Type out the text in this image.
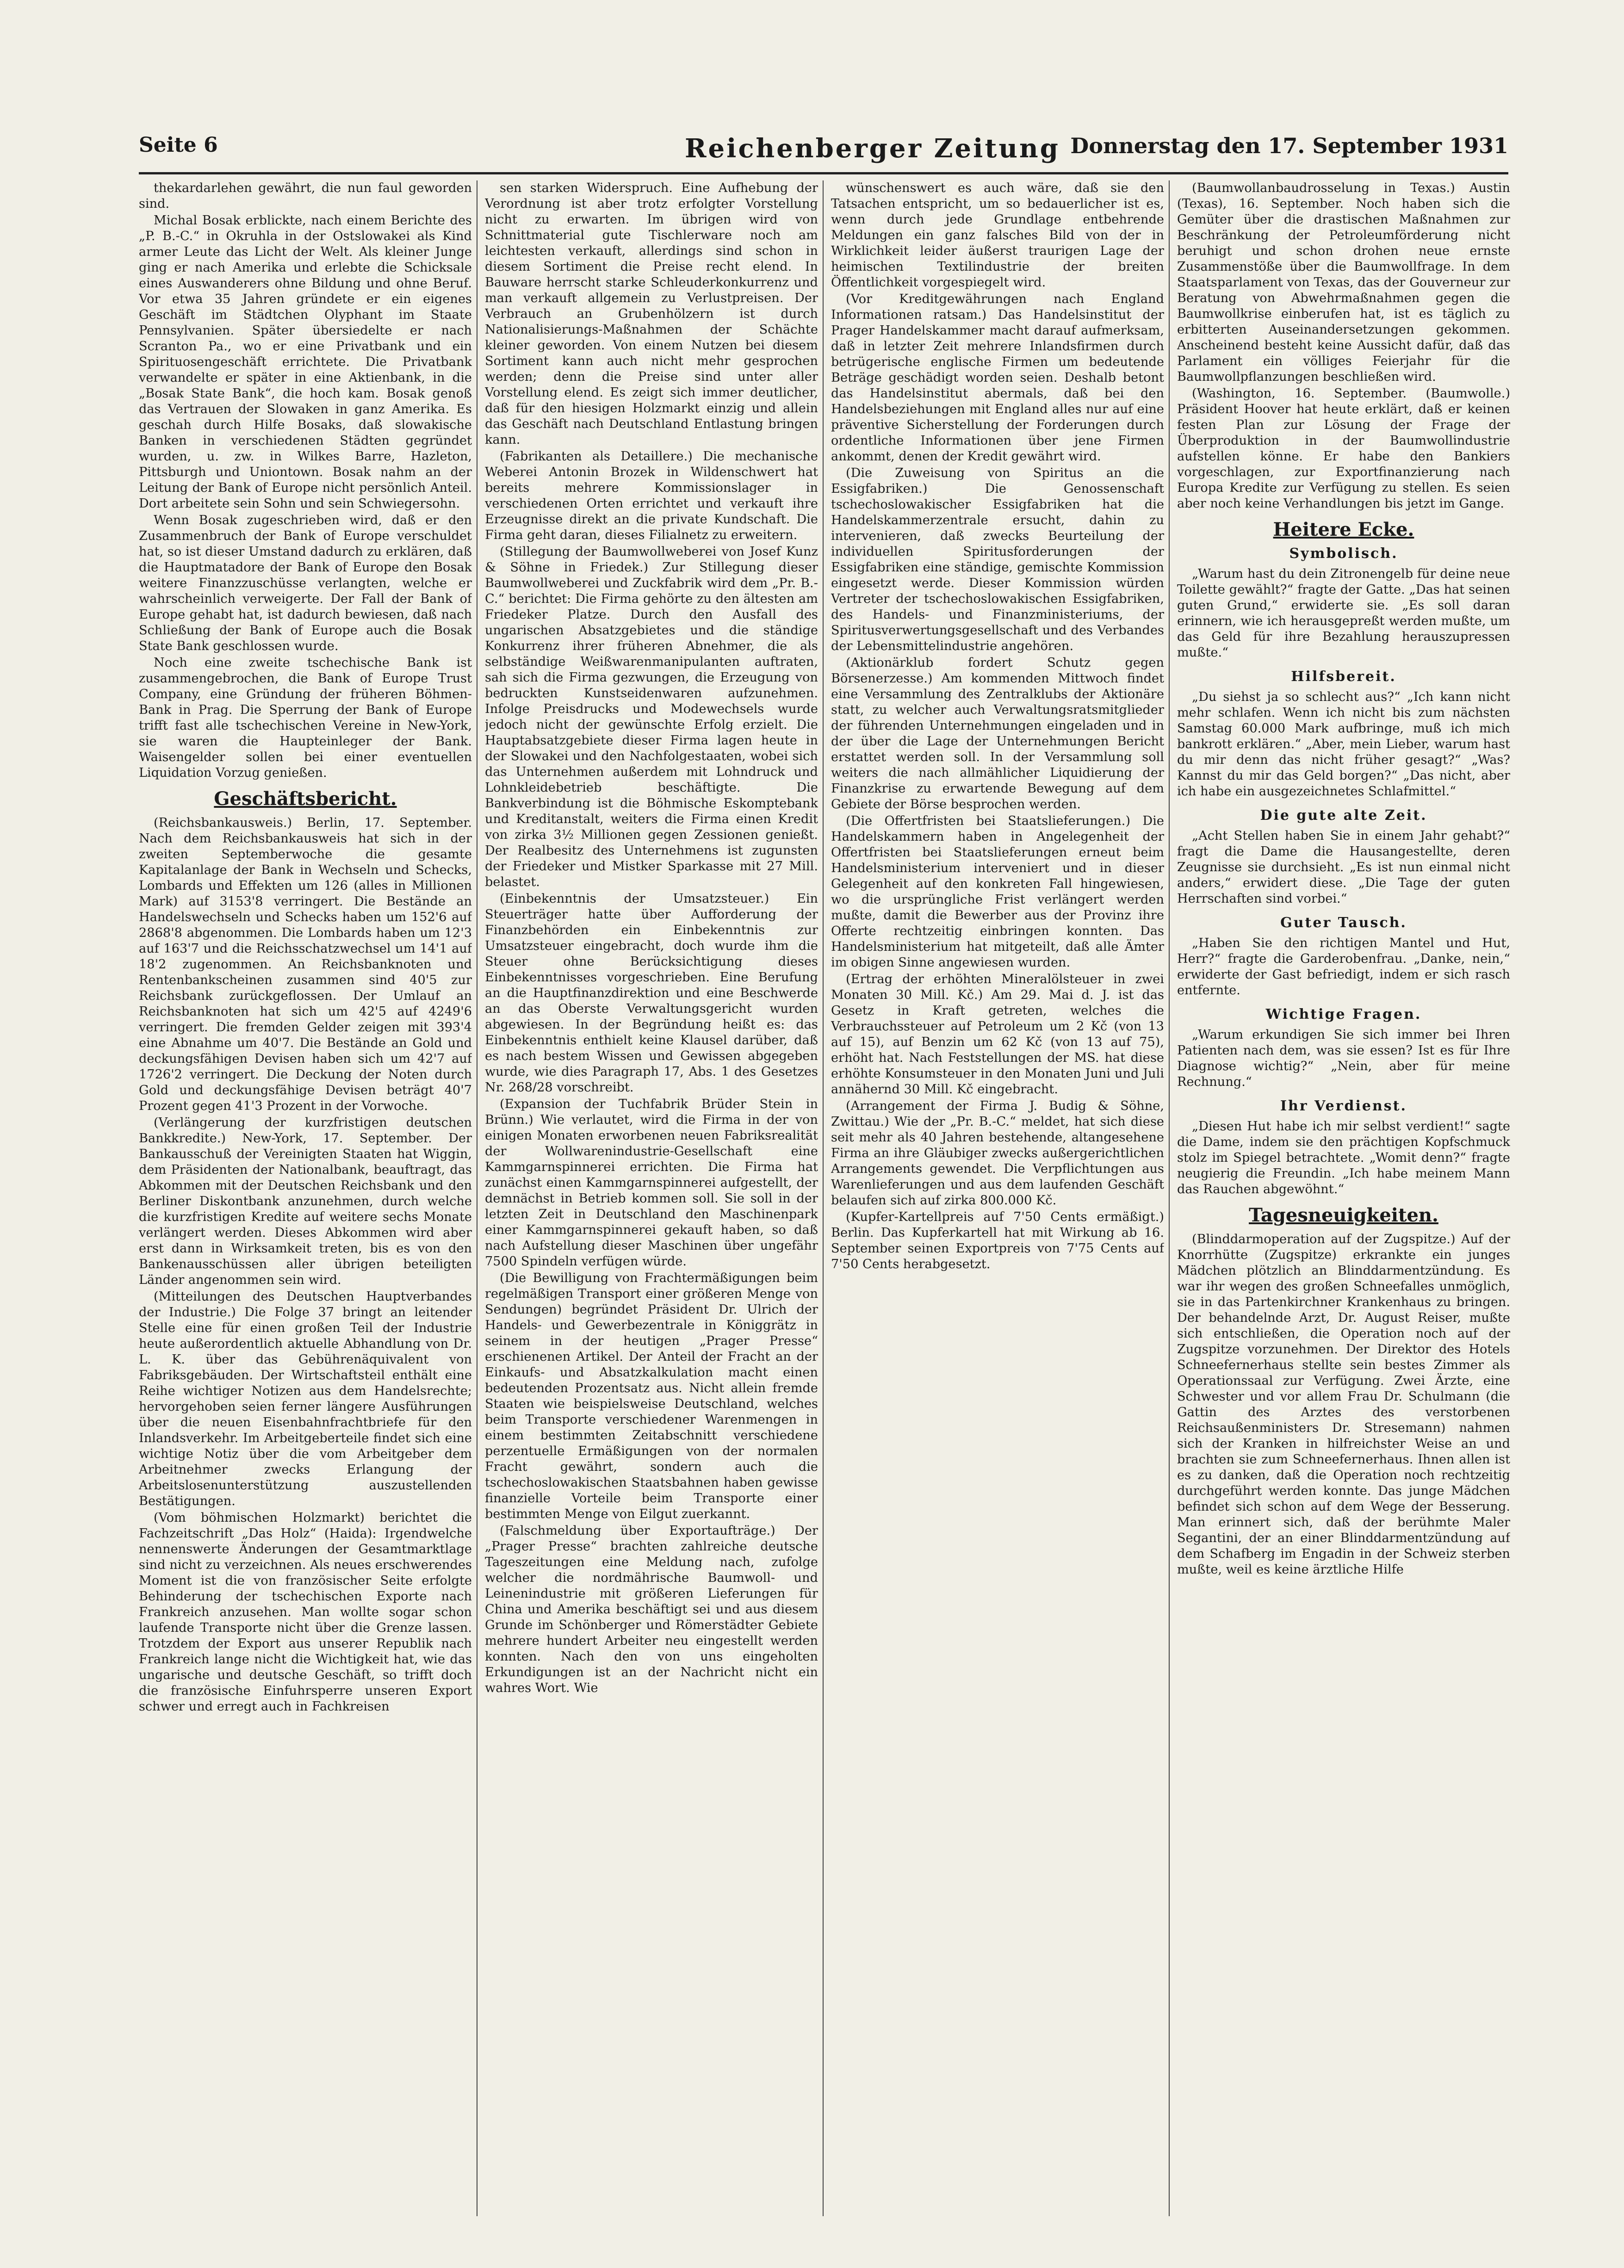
Seite 6	Reichenberger Zeitung Donnerstag den 17. September 1931

thekardarlehen gewährt, die nun faul geworden sind.

Michal Bosak erblickte, nach einem Berichte des „P. B.-C.“ in Okruhla in der Ostslowakei als Kind armer Leute das Licht der Welt. Als kleiner Junge ging er nach Amerika und erlebte die Schicksale eines Auswanderers ohne Bildung und ohne Beruf. Vor etwa 35 Jahren gründete er ein eigenes Geschäft im Städtchen Olyphant im Staate Pennsylvanien. Später übersiedelte er nach Scranton Pa., wo er eine Privatbank und ein Spirituosengeschäft errichtete. Die Privatbank verwandelte er später in eine Aktienbank, in die „Bosak State Bank“, die hoch kam. Bosak genoß das Vertrauen der Slowaken in ganz Amerika. Es geschah durch Hilfe Bosaks, daß slowakische Banken in verschiedenen Städten gegründet wurden, u. zw. in Wilkes Barre, Hazleton, Pittsburgh und Uniontown. Bosak nahm an der Leitung der Bank of Europe nicht persönlich Anteil. Dort arbeitete sein Sohn und sein Schwiegersohn.

Wenn Bosak zugeschrieben wird, daß er den Zusammenbruch der Bank of Europe verschuldet hat, so ist dieser Umstand dadurch zu erklären, daß die Hauptmatadore der Bank of Europe den Bosak weitere Finanzzuschüsse verlangten, welche er wahrscheinlich verweigerte. Der Fall der Bank of Europe gehabt hat, ist dadurch bewiesen, daß nach Schließung der Bank of Europe auch die Bosak State Bank geschlossen wurde.

Noch eine zweite tschechische Bank ist zusammengebrochen, die Bank of Europe Trust Company, eine Gründung der früheren Böhmen-Bank in Prag. Die Sperrung der Bank of Europe trifft fast alle tschechischen Vereine in New-York, sie waren die Haupteinleger der Bank. Waisengelder sollen bei einer eventuellen Liquidation Vorzug genießen.

Geschäftsbericht.

(Reichsbankausweis.) Berlin, 17. September. Nach dem Reichsbankausweis hat sich in der zweiten Septemberwoche die gesamte Kapitalanlage der Bank in Wechseln und Schecks, Lombards und Effekten um 126 (alles in Millionen Mark) auf 3153'8 verringert. Die Bestände an Handelswechseln und Schecks haben um 152'6 auf 2868'8 abgenommen. Die Lombards haben um 12'3 auf 163'7 und die Reichsschatzwechsel um 14'1 auf 18'2 zugenommen. An Reichsbanknoten und Rentenbankscheinen zusammen sind 40'5 zur Reichsbank zurückgeflossen. Der Umlauf an Reichsbanknoten hat sich um 42'5 auf 4249'6 verringert. Die fremden Gelder zeigen mit 393'4 eine Abnahme um 40'7. Die Bestände an Gold und deckungsfähigen Devisen haben sich um 42'7 auf 1726'2 verringert. Die Deckung der Noten durch Gold und deckungsfähige Devisen beträgt 40'7 Prozent gegen 41'3 Prozent in der Vorwoche.

(Verlängerung der kurzfristigen deutschen Bankkredite.) New-York, 17. September. Der Bankausschuß der Vereinigten Staaten hat Wiggin, dem Präsidenten der Nationalbank, beauftragt, das Abkommen mit der Deutschen Reichsbank und den Berliner Diskontbank anzunehmen, durch welche die kurzfristigen Kredite auf weitere sechs Monate verlängert werden. Dieses Abkommen wird aber erst dann in Wirksamkeit treten, bis es von den Bankenausschüssen aller übrigen beteiligten Länder angenommen sein wird.

(Mitteilungen des Deutschen Hauptverbandes der Industrie.) Die Folge 37 bringt an leitender Stelle eine für einen großen Teil der Industrie heute außerordentlich aktuelle Abhandlung von Dr. L. K. über das Gebührenäquivalent von Fabriksgebäuden. Der Wirtschaftsteil enthält eine Reihe wichtiger Notizen aus dem Handelsrechte; hervorgehoben seien ferner längere Ausführungen über die neuen Eisenbahnfrachtbriefe für den Inlandsverkehr. Im Arbeitgeberteile findet sich eine wichtige Notiz über die vom Arbeitgeber dem Arbeitnehmer zwecks Erlangung der Arbeitslosenunterstützung auszustellenden Bestätigungen.

(Vom böhmischen Holzmarkt) berichtet die Fachzeitschrift „Das Holz“ (Haida): Irgendwelche nennenswerte Änderungen der Gesamtmarktlage sind nicht zu verzeichnen. Als neues erschwerendes Moment ist die von französischer Seite erfolgte Behinderung der tschechischen Exporte nach Frankreich anzusehen. Man wollte sogar schon laufende Transporte nicht über die Grenze lassen. Trotzdem der Export aus unserer Republik nach Frankreich lange nicht die Wichtigkeit hat, wie das ungarische und deutsche Geschäft, so trifft doch die französische Einfuhrsperre unseren Export schwer und erregt auch in Fachkreisen

sen starken Widerspruch. Eine Aufhebung der Verordnung ist aber trotz erfolgter Vorstellung nicht zu erwarten. Im übrigen wird von Schnittmaterial gute Tischlerware noch am leichtesten verkauft, allerdings sind schon in diesem Sortiment die Preise recht elend. In Bauware herrscht starke Schleuderkonkurrenz und man verkauft allgemein zu Verlustpreisen. Der Verbrauch an Grubenhölzern ist durch Nationalisierungs-Maßnahmen der Schächte kleiner geworden. Von einem Nutzen bei diesem Sortiment kann auch nicht mehr gesprochen werden; denn die Preise sind unter aller Vorstellung elend. Es zeigt sich immer deutlicher, daß für den hiesigen Holzmarkt einzig und allein das Geschäft nach Deutschland Entlastung bringen kann.

(Fabrikanten als Detaillere.) Die mechanische Weberei Antonin Brozek in Wildenschwert hat bereits mehrere Kommissionslager in verschiedenen Orten errichtet und verkauft ihre Erzeugnisse direkt an die private Kundschaft. Die Firma geht daran, dieses Filialnetz zu erweitern.

(Stillegung der Baumwollweberei von Josef Kunz & Söhne in Friedek.) Zur Stillegung dieser Baumwollweberei und Zuckfabrik wird dem „Pr. B.-C.“ berichtet: Die Firma gehörte zu den ältesten am Friedeker Platze. Durch den Ausfall des ungarischen Absatzgebietes und die ständige Konkurrenz ihrer früheren Abnehmer, die als selbständige Weißwarenmanipulanten auftraten, sah sich die Firma gezwungen, die Erzeugung von bedruckten Kunstseidenwaren aufzunehmen. Infolge Preisdrucks und Modewechsels wurde jedoch nicht der gewünschte Erfolg erzielt. Die Hauptabsatzgebiete dieser Firma lagen heute in der Slowakei und den Nachfolgestaaten, wobei sich das Unternehmen außerdem mit Lohndruck und Lohnkleidebetrieb beschäftigte. Die Bankverbindung ist die Böhmische Eskomptebank und Kreditanstalt, weiters die Firma einen Kredit von zirka 3½ Millionen gegen Zessionen genießt. Der Realbesitz des Unternehmens ist zugunsten der Friedeker und Mistker Sparkasse mit 27 Mill. belastet.

(Einbekenntnis der Umsatzsteuer.) Ein Steuerträger hatte über Aufforderung der Finanzbehörden ein Einbekenntnis zur Umsatzsteuer eingebracht, doch wurde ihm die Steuer ohne Berücksichtigung dieses Einbekenntnisses vorgeschrieben. Eine Berufung an die Hauptfinanzdirektion und eine Beschwerde an das Oberste Verwaltungsgericht wurden abgewiesen. In der Begründung heißt es: das Einbekenntnis enthielt keine Klausel darüber, daß es nach bestem Wissen und Gewissen abgegeben wurde, wie dies Paragraph 17, Abs. 1 des Gesetzes Nr. 268/28 vorschreibt.

(Expansion der Tuchfabrik Brüder Stein in Brünn.) Wie verlautet, wird die Firma in der von einigen Monaten erworbenen neuen Fabriksrealität der Wollwarenindustrie-Gesellschaft eine Kammgarnspinnerei errichten. Die Firma hat zunächst einen Kammgarnspinnerei aufgestellt, der demnächst in Betrieb kommen soll. Sie soll in der letzten Zeit in Deutschland den Maschinenpark einer Kammgarnspinnerei gekauft haben, so daß nach Aufstellung dieser Maschinen über ungefähr 7500 Spindeln verfügen würde.

(Die Bewilligung von Frachtermäßigungen beim regelmäßigen Transport einer größeren Menge von Sendungen) begründet Präsident Dr. Ulrich der Handels- und Gewerbezentrale in Königgrätz in seinem in der heutigen „Prager Presse“ erschienenen Artikel. Der Anteil der Fracht an der Einkaufs- und Absatzkalkulation macht einen bedeutenden Prozentsatz aus. Nicht allein fremde Staaten wie beispielsweise Deutschland, welches beim Transporte verschiedener Warenmengen in einem bestimmten Zeitabschnitt verschiedene perzentuelle Ermäßigungen von der normalen Fracht gewährt, sondern auch die tschechoslowakischen Staatsbahnen haben gewisse finanzielle Vorteile beim Transporte einer bestimmten Menge von Eilgut zuerkannt.

(Falschmeldung über Exportaufträge.) Der „Prager Presse“ brachten zahlreiche deutsche Tageszeitungen eine Meldung nach, zufolge welcher die nordmährische Baumwoll- und Leinenindustrie mit größeren Lieferungen für China und Amerika beschäftigt sei und aus diesem Grunde im Schönberger und Römerstädter Gebiete mehrere hundert Arbeiter neu eingestellt werden konnten. Nach den von uns eingeholten Erkundigungen ist an der Nachricht nicht ein wahres Wort. Wie

wünschenswert es auch wäre, daß sie den Tatsachen entspricht, um so bedauerlicher ist es, wenn durch jede Grundlage entbehrende Meldungen ein ganz falsches Bild von der in Wirklichkeit leider äußerst traurigen Lage der heimischen Textilindustrie der breiten Öffentlichkeit vorgespiegelt wird.

(Vor Kreditgewährungen nach England Informationen ratsam.) Das Handelsinstitut der Prager Handelskammer macht darauf aufmerksam, daß in letzter Zeit mehrere Inlandsfirmen durch betrügerische englische Firmen um bedeutende Beträge geschädigt worden seien. Deshalb betont das Handelsinstitut abermals, daß bei den Handelsbeziehungen mit England alles nur auf eine präventive Sicherstellung der Forderungen durch ordentliche Informationen über jene Firmen ankommt, denen der Kredit gewährt wird.

(Die Zuweisung von Spiritus an die Essigfabriken.) Die Genossenschaft tschechoslowakischer Essigfabriken hat die Handelskammerzentrale ersucht, dahin zu intervenieren, daß zwecks Beurteilung der individuellen Spiritusforderungen der Essigfabriken eine ständige, gemischte Kommission eingesetzt werde. Dieser Kommission würden Vertreter der tschechoslowakischen Essigfabriken, des Handels- und Finanzministeriums, der Spiritusverwertungsgesellschaft und des Verbandes der Lebensmittelindustrie angehören.

(Aktionärklub fordert Schutz gegen Börsenerzesse.) Am kommenden Mittwoch findet eine Versammlung des Zentralklubs der Aktionäre statt, zu welcher auch Verwaltungsratsmitglieder der führenden Unternehmungen eingeladen und in der über die Lage der Unternehmungen Bericht erstattet werden soll. In der Versammlung soll weiters die nach allmählicher Liquidierung der Finanzkrise zu erwartende Bewegung auf dem Gebiete der Börse besprochen werden.

(Die Offertfristen bei Staatslieferungen.) Die Handelskammern haben in Angelegenheit der Offertfristen bei Staatslieferungen erneut beim Handelsministerium interveniert und in dieser Gelegenheit auf den konkreten Fall hingewiesen, wo die ursprüngliche Frist verlängert werden mußte, damit die Bewerber aus der Provinz ihre Offerte rechtzeitig einbringen konnten. Das Handelsministerium hat mitgeteilt, daß alle Ämter im obigen Sinne angewiesen wurden.

(Ertrag der erhöhten Mineralölsteuer in zwei Monaten 30 Mill. Kč.) Am 29. Mai d. J. ist das Gesetz in Kraft getreten, welches die Verbrauchssteuer auf Petroleum um 2 Kč (von 13 auf 15), auf Benzin um 62 Kč (von 13 auf 75), erhöht hat. Nach Feststellungen der MS. hat diese erhöhte Konsumsteuer in den Monaten Juni und Juli annähernd 30 Mill. Kč eingebracht.

(Arrangement der Firma J. Budig & Söhne, Zwittau.) Wie der „Pr. B.-C.“ meldet, hat sich diese seit mehr als 40 Jahren bestehende, altangesehene Firma an ihre Gläubiger zwecks außergerichtlichen Arrangements gewendet. Die Verpflichtungen aus Warenlieferungen und aus dem laufenden Geschäft belaufen sich auf zirka 800.000 Kč.

(Kupfer-Kartellpreis auf 7'50 Cents ermäßigt.) Berlin. Das Kupferkartell hat mit Wirkung ab 16. September seinen Exportpreis von 7'75 Cents auf 7'50 Cents herabgesetzt.

(Baumwollanbaudrosselung in Texas.) Austin (Texas), 16. September. Noch haben sich die Gemüter über die drastischen Maßnahmen zur Beschränkung der Petroleumförderung nicht beruhigt und schon drohen neue ernste Zusammenstöße über die Baumwollfrage. In dem Staatsparlament von Texas, das der Gouverneur zur Beratung von Abwehrmaßnahmen gegen die Baumwollkrise einberufen hat, ist es täglich zu erbitterten Auseinandersetzungen gekommen. Anscheinend besteht keine Aussicht dafür, daß das Parlament ein völliges Feierjahr für die Baumwollpflanzungen beschließen wird.

(Washington, 16. September. (Baumwolle.) Präsident Hoover hat heute erklärt, daß er keinen festen Plan zur Lösung der Frage der Überproduktion in der Baumwollindustrie aufstellen könne. Er habe den Bankiers vorgeschlagen, zur Exportfinanzierung nach Europa Kredite zur Verfügung zu stellen. Es seien aber noch keine Verhandlungen bis jetzt im Gange.

Heitere Ecke.
Symbolisch.

„Warum hast du dein Zitronengelb für deine neue Toilette gewählt?“ fragte der Gatte. „Das hat seinen guten Grund,“ erwiderte sie. „Es soll daran erinnern, wie ich herausgepreßt werden mußte, um das Geld für ihre Bezahlung herauszupressen mußte.“

Hilfsbereit.

„Du siehst ja so schlecht aus?“ „Ich kann nicht mehr schlafen. Wenn ich nicht bis zum nächsten Samstag 60.000 Mark aufbringe, muß ich mich bankrott erklären.“ „Aber, mein Lieber, warum hast du mir denn das nicht früher gesagt?“ „Was? Kannst du mir das Geld borgen?“ „Das nicht, aber ich habe ein ausgezeichnetes Schlafmittel.“

Die gute alte Zeit.

„Acht Stellen haben Sie in einem Jahr gehabt?“ fragt die Dame die Hausangestellte, deren Zeugnisse sie durchsieht. „Es ist nun einmal nicht anders,“ erwidert diese. „Die Tage der guten Herrschaften sind vorbei.“

Guter Tausch.

„Haben Sie den richtigen Mantel und Hut, Herr?“ fragte die Garderobenfrau. „Danke, nein,“ erwiderte der Gast befriedigt, indem er sich rasch entfernte.

Wichtige Fragen.

„Warum erkundigen Sie sich immer bei Ihren Patienten nach dem, was sie essen? Ist es für Ihre Diagnose wichtig?“ „Nein, aber für meine Rechnung.“

Ihr Verdienst.

„Diesen Hut habe ich mir selbst verdient!“ sagte die Dame, indem sie den prächtigen Kopfschmuck stolz im Spiegel betrachtete. „Womit denn?“ fragte neugierig die Freundin. „Ich habe meinem Mann das Rauchen abgewöhnt.“

Tagesneuigkeiten.

(Blinddarmoperation auf der Zugspitze.) Auf der Knorrhütte (Zugspitze) erkrankte ein junges Mädchen plötzlich an Blinddarmentzündung. Es war ihr wegen des großen Schneefalles unmöglich, sie in das Partenkirchner Krankenhaus zu bringen. Der behandelnde Arzt, Dr. August Reiser, mußte sich entschließen, die Operation noch auf der Zugspitze vorzunehmen. Der Direktor des Hotels Schneefernerhaus stellte sein bestes Zimmer als Operationssaal zur Verfügung. Zwei Ärzte, eine Schwester und vor allem Frau Dr. Schulmann (die Gattin des Arztes des verstorbenen Reichsaußenministers Dr. Stresemann) nahmen sich der Kranken in hilfreichster Weise an und brachten sie zum Schneefernerhaus. Ihnen allen ist es zu danken, daß die Operation noch rechtzeitig durchgeführt werden konnte. Das junge Mädchen befindet sich schon auf dem Wege der Besserung. Man erinnert sich, daß der berühmte Maler Segantini, der an einer Blinddarmentzündung auf dem Schafberg im Engadin in der Schweiz sterben mußte, weil es keine ärztliche Hilfe
